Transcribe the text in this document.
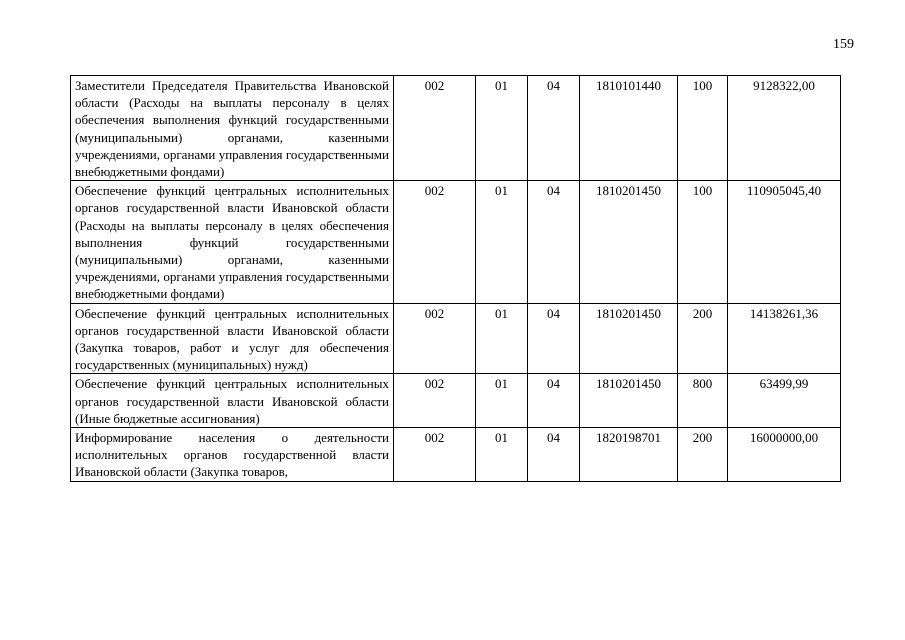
159
Заместители Председателя Правительства Ивановской области (Расходы на выплаты персоналу в целях обеспечения выполнения функций государственными (муниципальными) органами, казенными учреждениями, органами управления государственными внебюджетными фондами)	002	01	04	1810101440	100	9128322,00
Обеспечение функций центральных исполнительных органов государственной власти Ивановской области (Расходы на выплаты персоналу в целях обеспечения выполнения функций государственными (муниципальными) органами, казенными учреждениями, органами управления государственными внебюджетными фондами)	002	01	04	1810201450	100	110905045,40
Обеспечение функций центральных исполнительных органов государственной власти Ивановской области (Закупка товаров, работ и услуг для обеспечения государственных (муниципальных) нужд)	002	01	04	1810201450	200	14138261,36
Обеспечение функций центральных исполнительных органов государственной власти Ивановской области (Иные бюджетные ассигнования)	002	01	04	1810201450	800	63499,99
Информирование населения о деятельности исполнительных органов государственной власти Ивановской области (Закупка товаров,	002	01	04	1820198701	200	16000000,00
